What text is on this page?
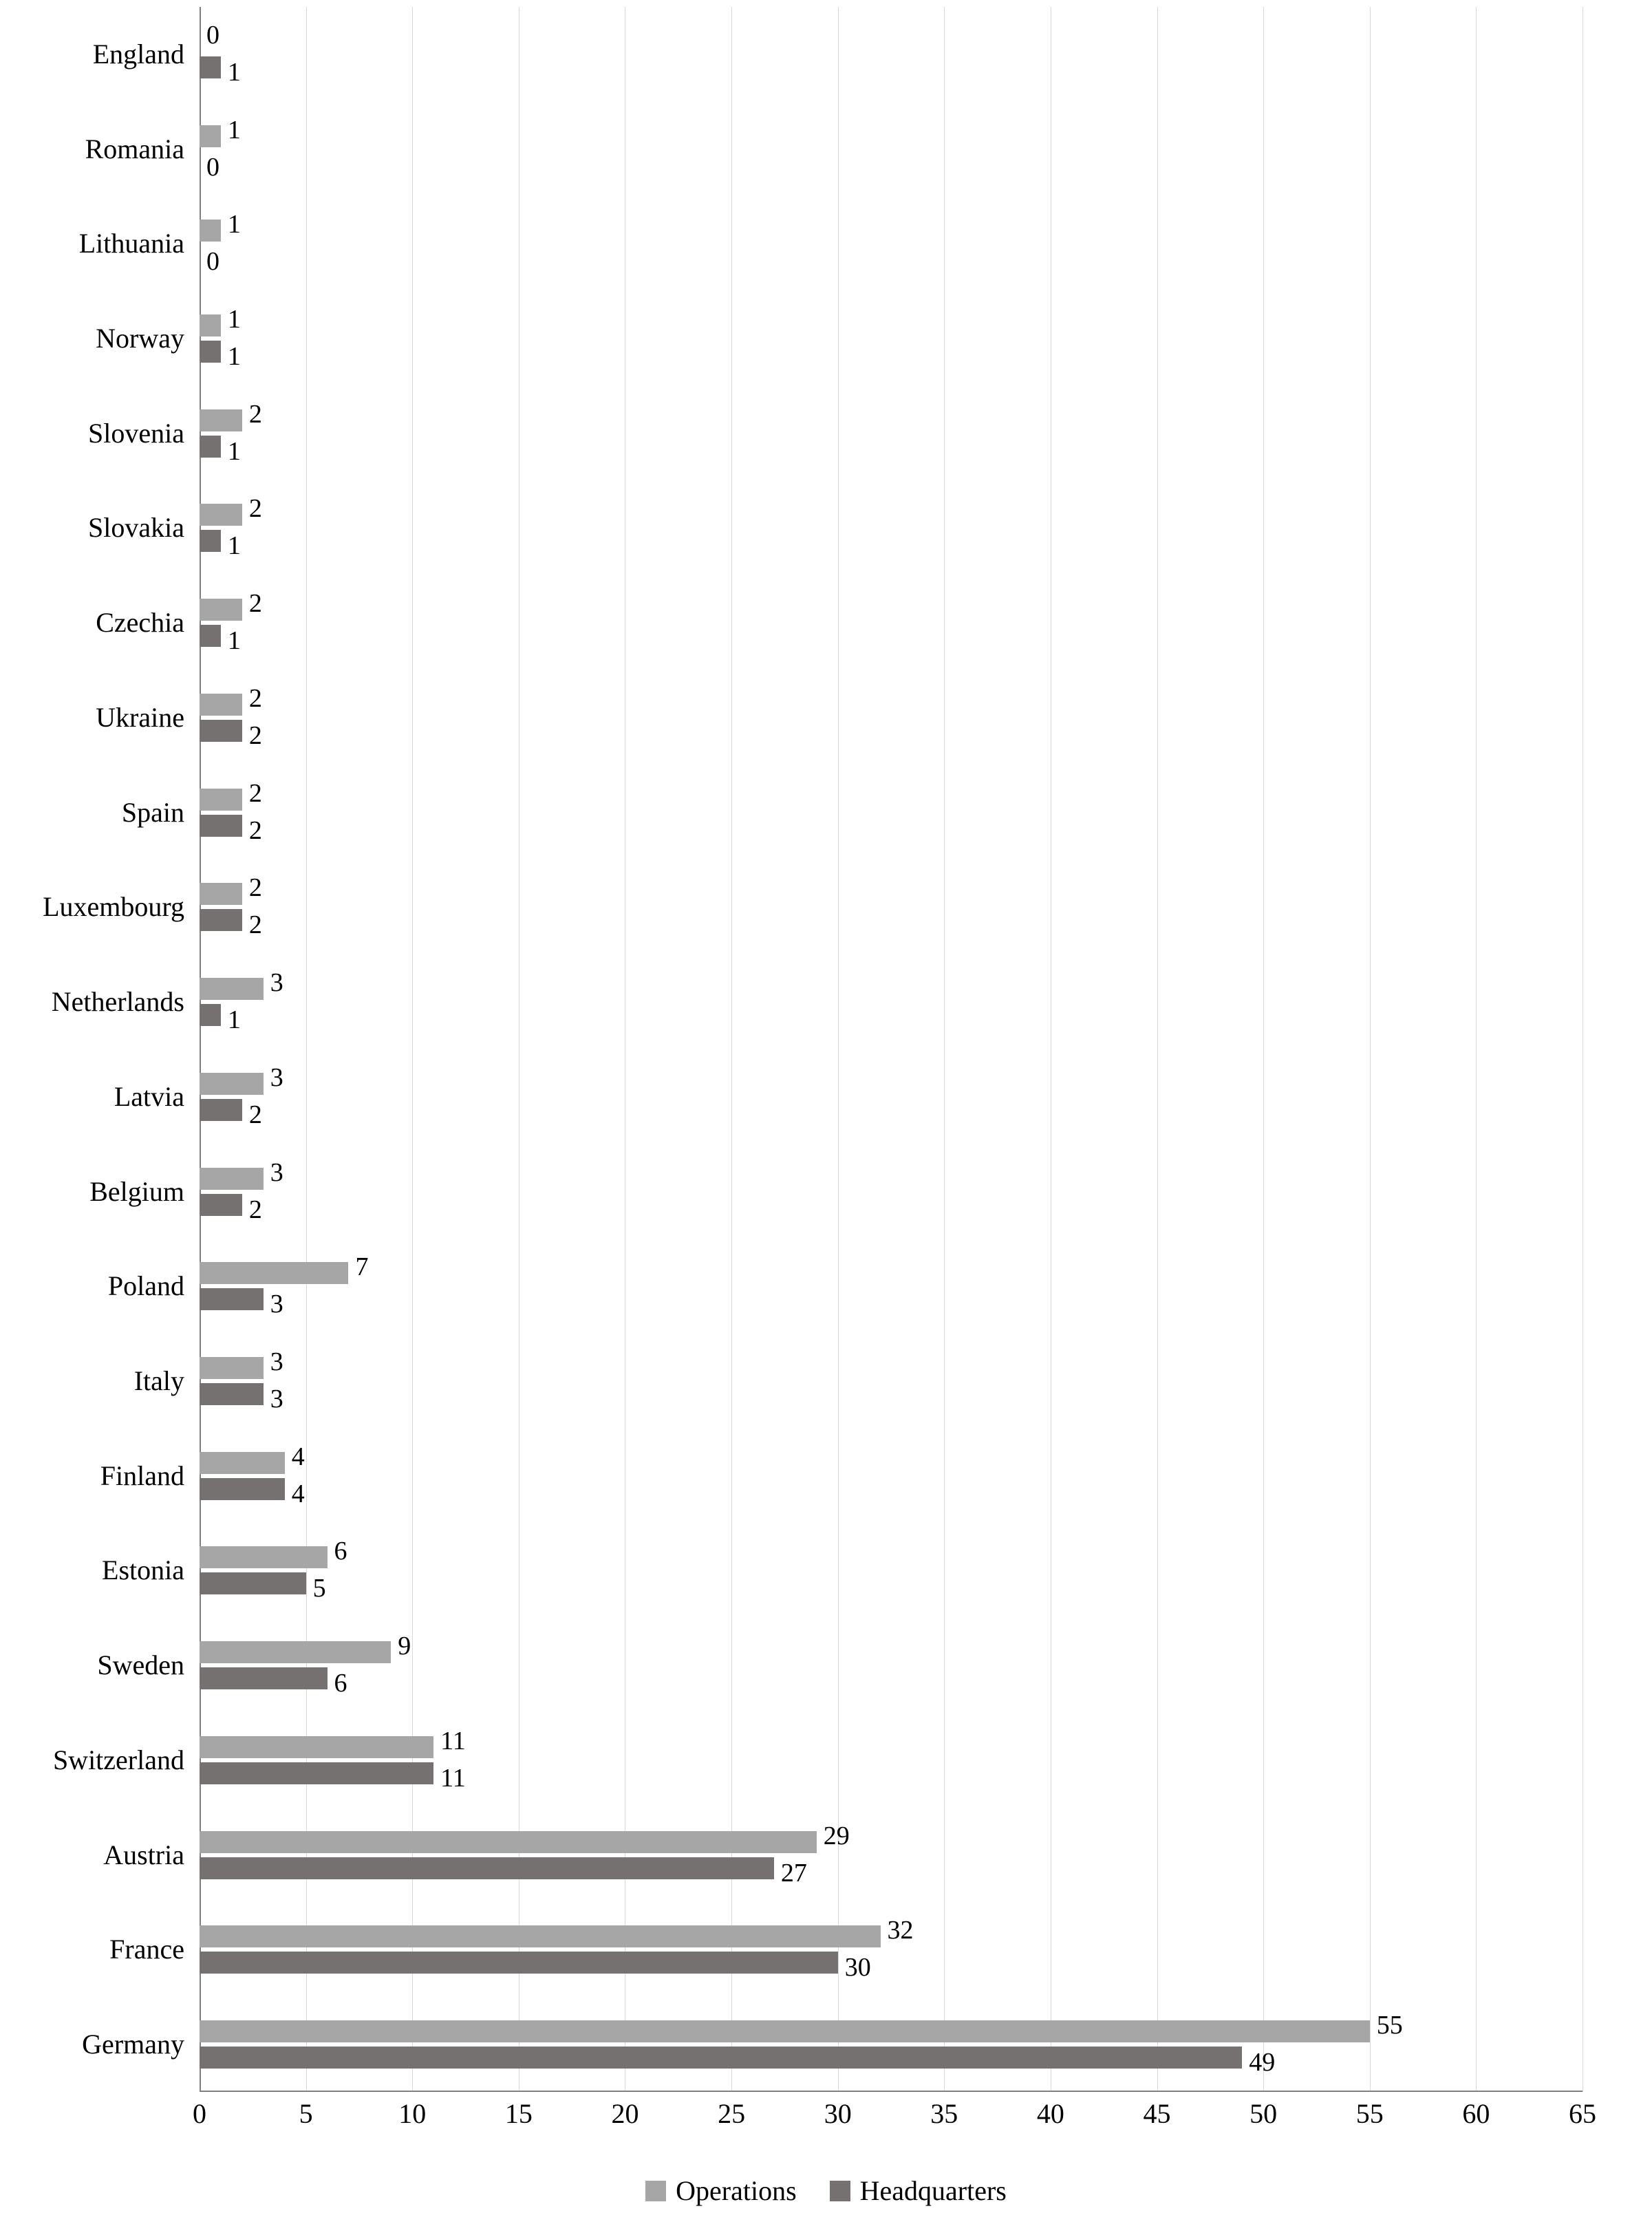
England
0
1
Romania
1
0
Lithuania
1
0
Norway
1
1
Slovenia
2
1
Slovakia
2
1
Czechia
2
1
Ukraine
2
2
Spain
2
2
Luxembourg
2
2
Netherlands
3
1
Latvia
3
2
Belgium
3
2
Poland
7
3
Italy
3
3
Finland
4
4
Estonia
6
5
Sweden
9
6
Switzerland
11
11
Austria
29
27
France
32
30
Germany
55
49
0	5	10	15	20	25	30	35	40	45	50	55	60	65
Operations Headquarters
